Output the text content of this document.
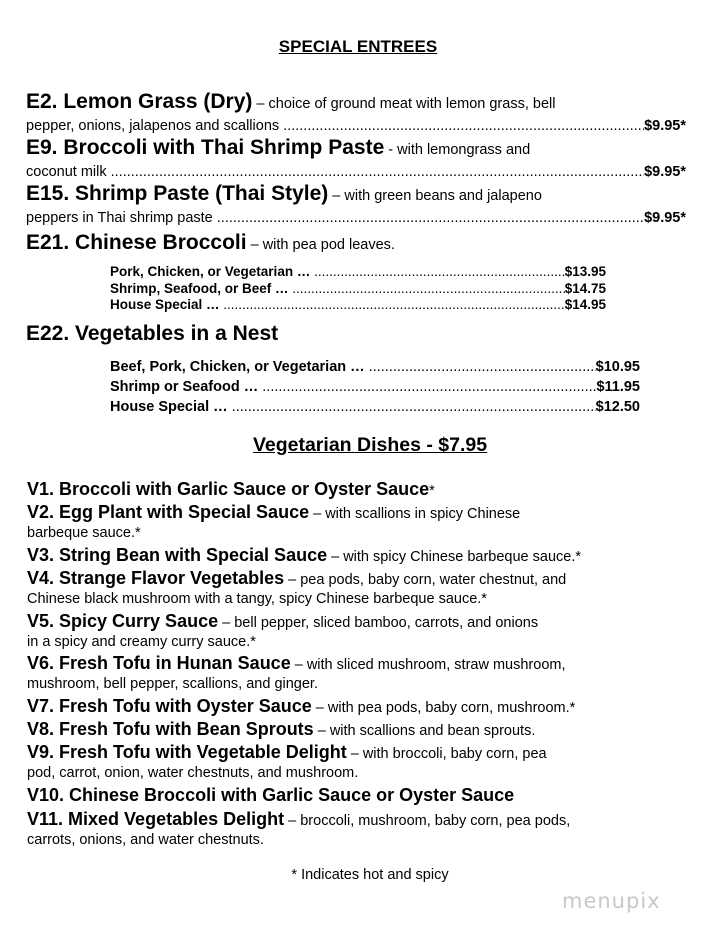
SPECIAL ENTREES
E2. Lemon Grass (Dry) – choice of ground meat with lemon grass, bell
pepper, onions, jalapenos and scallions .....	$9.95*
E9. Broccoli with Thai Shrimp Paste - with lemongrass and
coconut milk .....	$9.95*
E15. Shrimp Paste (Thai Style) – with green beans and jalapeno
peppers in Thai shrimp paste .....	$9.95*
E21. Chinese Broccoli – with pea pod leaves.
Pork, Chicken, or Vegetarian … .....	$13.95
Shrimp, Seafood, or Beef … .....	$14.75
House Special … .....	$14.95
E22. Vegetables in a Nest
Beef, Pork, Chicken, or Vegetarian … .....	$10.95
Shrimp or Seafood … .....	$11.95
House Special … .....	$12.50
Vegetarian Dishes - $7.95
V1. Broccoli with Garlic Sauce or Oyster Sauce*
V2. Egg Plant with Special Sauce – with scallions in spicy Chinese
barbeque sauce.*
V3. String Bean with Special Sauce – with spicy Chinese barbeque sauce.*
V4. Strange Flavor Vegetables – pea pods, baby corn, water chestnut, and
Chinese black mushroom with a tangy, spicy Chinese barbeque sauce.*
V5. Spicy Curry Sauce – bell pepper, sliced bamboo, carrots, and onions
in a spicy and creamy curry sauce.*
V6. Fresh Tofu in Hunan Sauce – with sliced mushroom, straw mushroom,
mushroom, bell pepper, scallions, and ginger.
V7. Fresh Tofu with Oyster Sauce – with pea pods, baby corn, mushroom.*
V8. Fresh Tofu with Bean Sprouts – with scallions and bean sprouts.
V9. Fresh Tofu with Vegetable Delight – with broccoli, baby corn, pea
pod, carrot, onion, water chestnuts, and mushroom.
V10. Chinese Broccoli with Garlic Sauce or Oyster Sauce
V11. Mixed Vegetables Delight – broccoli, mushroom, baby corn, pea pods,
carrots, onions, and water chestnuts.
* Indicates hot and spicy
menupix
